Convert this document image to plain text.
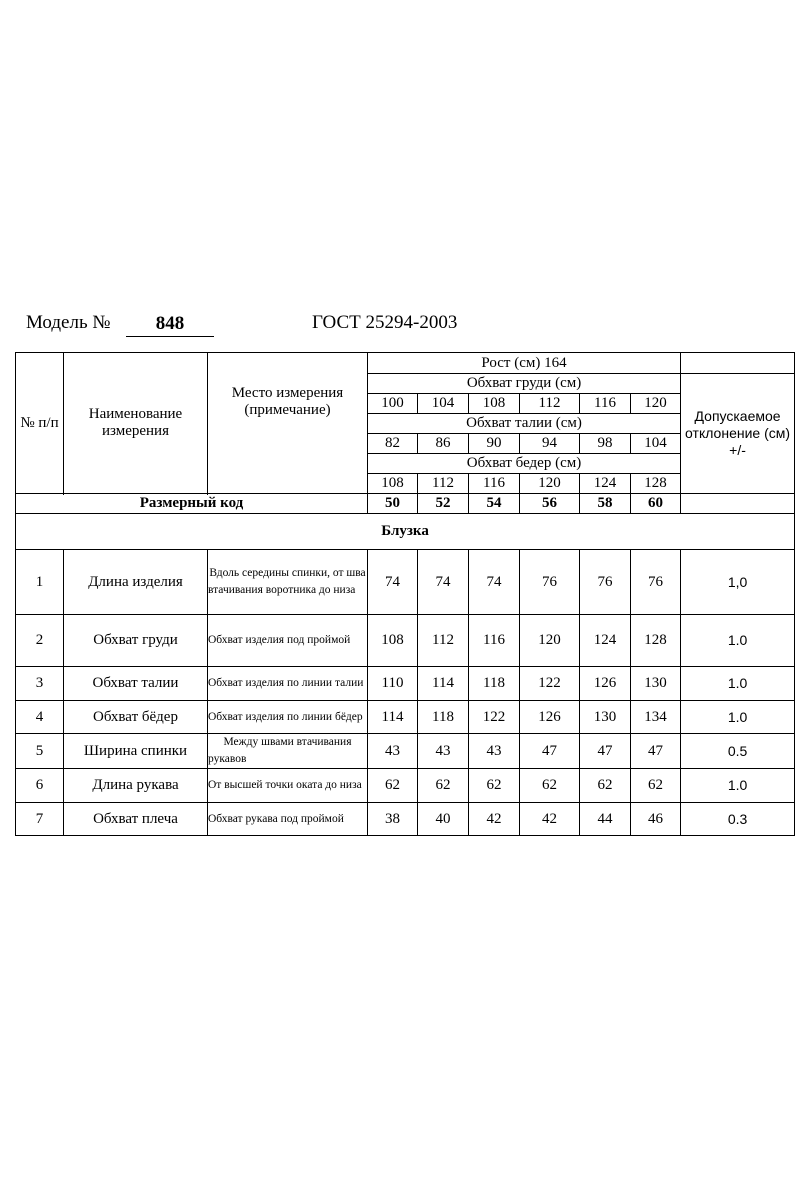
Модель №	848	ГОСТ 25294-2003
№ п/п	Наименование измерения	Место измерения (примечание)	Рост (см) 164						
			Обхват груди (см)						Допускаемое отклонение (см) +/-
			100	104	108	112	116	120	
			Обхват талии (см)						
			82	86	90	94	98	104	
			Обхват бедер (см)						
			108	112	116	120	124	128	

Размерный код			50	52	54	56	58	60	
Блузка									
1	Длина изделия	Вдоль середины спинки, от шва втачивания воротника до низа	74	74	74	76	76	76	1,0
2	Обхват груди	Обхват изделия под проймой	108	112	116	120	124	128	1.0
3	Обхват талии	Обхват изделия по линии талии	110	114	118	122	126	130	1.0
4	Обхват бёдер	Обхват изделия по линии бёдер	114	118	122	126	130	134	1.0
5	Ширина спинки	Между швами втачивания рукавов	43	43	43	47	47	47	0.5
6	Длина рукава	От высшей точки оката до низа	62	62	62	62	62	62	1.0
7	Обхват плеча	Обхват рукава под проймой	38	40	42	42	44	46	0.3
